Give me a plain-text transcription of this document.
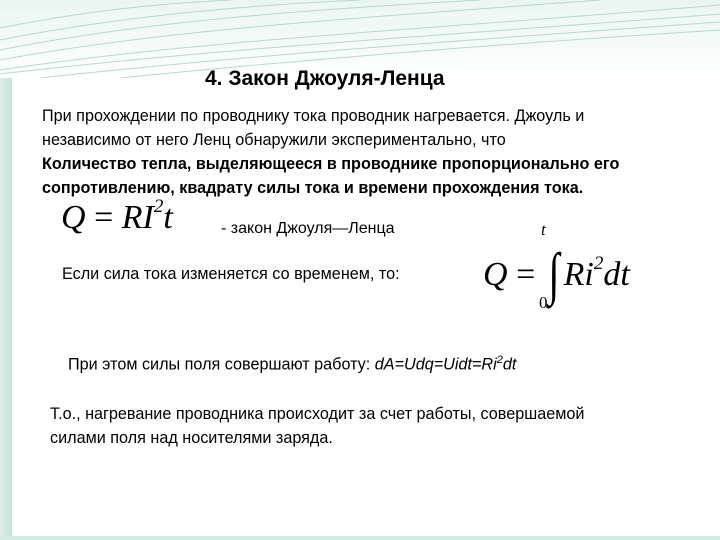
4. Закон Джоуля-Ленца
При прохождении по проводнику тока проводник нагревается. Джоуль и
независимо от него Ленц обнаружили экспериментально, что
Количество тепла, выделяющееся в проводнике пропорционально его
сопротивлению, квадрату силы тока и времени прохождения тока.
$Q = RI^2t$	- закон Джоуля—Ленца
Если сила тока изменяется со временем, то:
t
Q = ∫ Ri$^2$dt
0
При этом силы поля совершают работу: $dA=Udq=Uidt=Ri^2dt$
Т.о., нагревание проводника происходит за счет работы, совершаемой
силами поля над носителями заряда.
